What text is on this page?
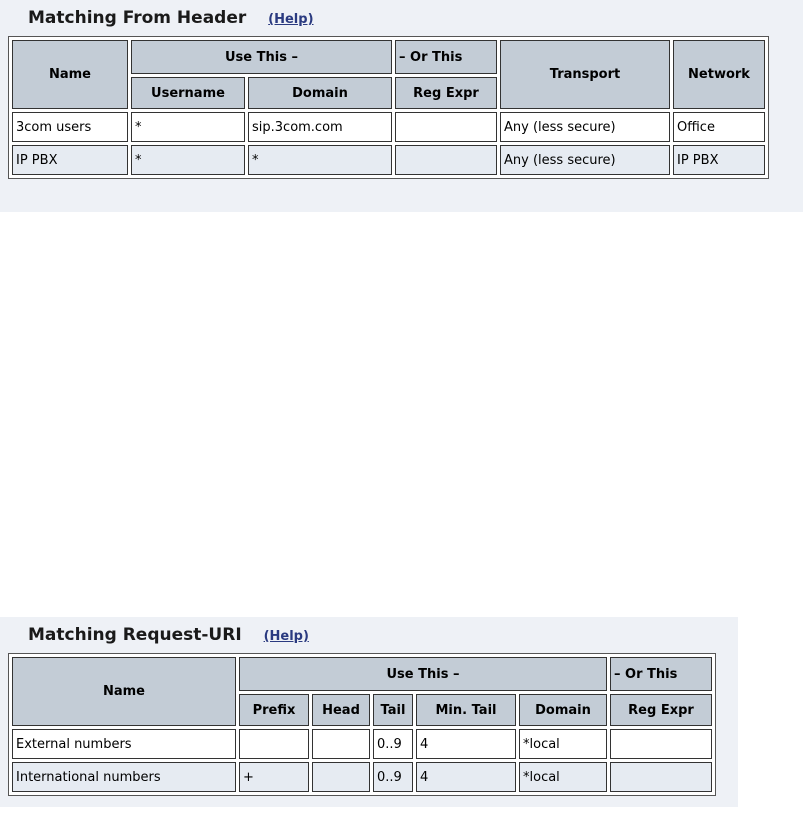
Matching From Header (Help)
Name	Use This –		– Or This	Transport	Network
	Username	Domain	Reg Expr		
3com users	*	sip.3com.com		Any (less secure)	Office
IP PBX	*	*		Any (less secure)	IP PBX
Matching Request-URI (Help)
Name	Use This –					– Or This
	Prefix	Head	Tail	Min. Tail	Domain	Reg Expr
External numbers			0..9	4	*local	
International numbers	+		0..9	4	*local	
